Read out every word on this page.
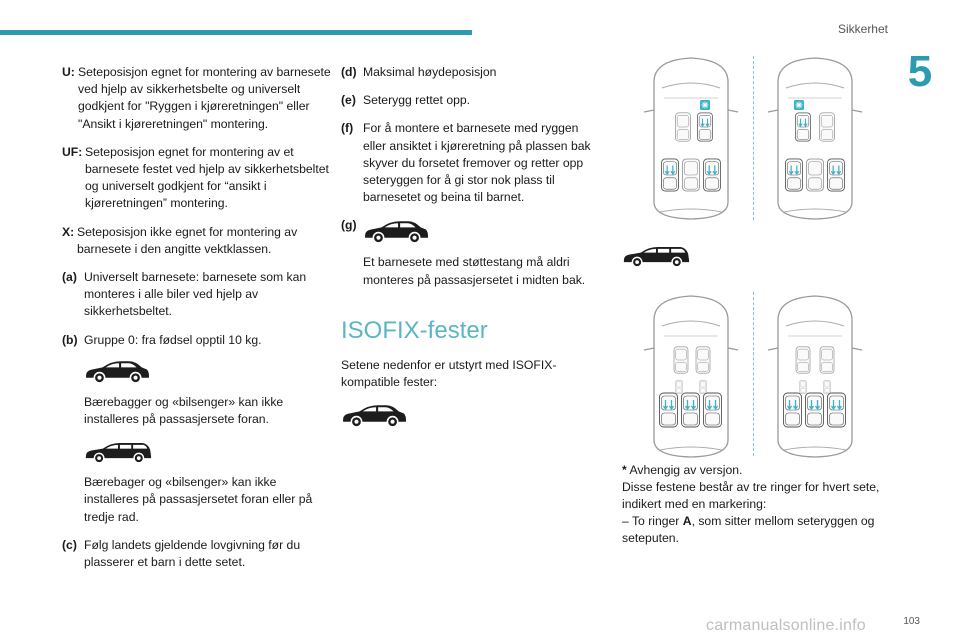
Sikkerhet
5
U: Seteposisjon egnet for montering av barnesete ved hjelp av sikkerhetsbelte og universelt godkjent for "Ryggen i kjøreretningen" eller "Ansikt i kjøreretningen" montering.
UF: Seteposisjon egnet for montering av et barnesete festet ved hjelp av sikkerhetsbeltet og universelt godkjent for “ansikt i kjøreretningen” montering.
X: Seteposisjon ikke egnet for montering av barnesete i den angitte vektklassen.
(a) Universelt barnesete: barnesete som kan monteres i alle biler ved hjelp av sikkerhetsbeltet.
(b) Gruppe 0: fra fødsel opptil 10 kg.
Bærebagger og «bilsenger» kan ikke installeres på passasjersete foran.
Bærebager og «bilsenger» kan ikke installeres på passasjersetet foran eller på tredje rad.
(c) Følg landets gjeldende lovgivning før du plasserer et barn i dette setet.
(d) Maksimal høydeposisjon
(e) Seterygg rettet opp.
(f) For å montere et barnesete med ryggen eller ansiktet i kjøreretning på plassen bak skyver du forsetet fremover og retter opp seteryggen for å gi stor nok plass til barnesetet og beina til barnet.
(g)
Et barnesete med støttestang må aldri monteres på passasjersetet i midten bak.
ISOFIX-fester
Setene nedenfor er utstyrt med ISOFIX-kompatible fester:
* Avhengig av versjon.
Disse festene består av tre ringer for hvert sete, indikert med en markering:
– To ringer A, som sitter mellom seteryggen og seteputen.
carmanualsonline.info	103
